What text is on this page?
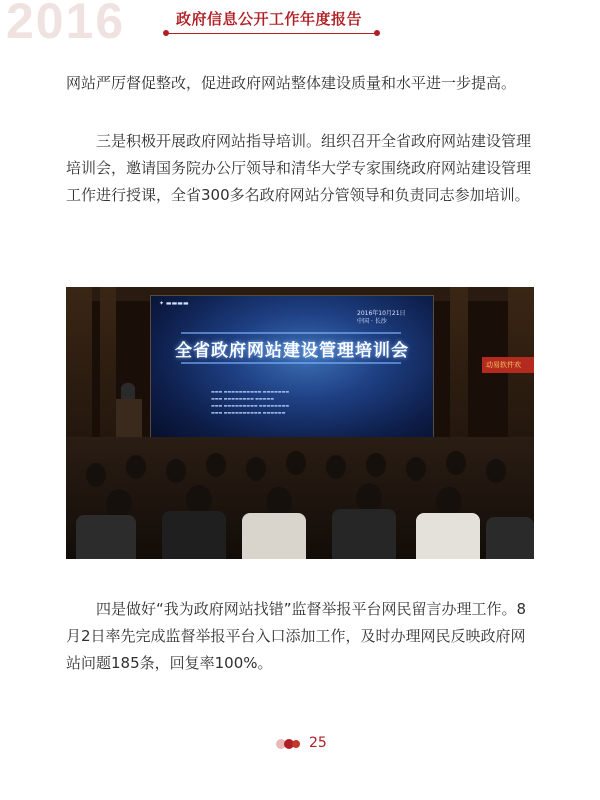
2016	政府信息公开工作年度报告

网站严厉督促整改，促进政府网站整体建设质量和水平进一步提高。

三是积极开展政府网站指导培训。组织召开全省政府网站建设管理培训会，邀请国务院办公厅领导和清华大学专家围绕政府网站建设管理工作进行授课，全省300多名政府网站分管领导和负责同志参加培训。

✦ ▬▬▬▬
2016年10月21日
中国 · 长沙
全省政府网站建设管理培训会
▬▬▬ ▬▬▬▬▬▬▬▬▬▬ ▬▬▬▬▬▬▬
▬▬▬ ▬▬▬▬▬▬▬▬ ▬▬▬▬▬
▬▬▬ ▬▬▬▬▬▬▬▬▬ ▬▬▬▬▬▬▬▬
▬▬▬ ▬▬▬▬▬▬▬▬▬▬ ▬▬▬▬▬▬
动易软件欢

四是做好“我为政府网站找错”监督举报平台网民留言办理工作。8月2日率先完成监督举报平台入口添加工作，及时办理网民反映政府网站问题185条，回复率100%。

25
